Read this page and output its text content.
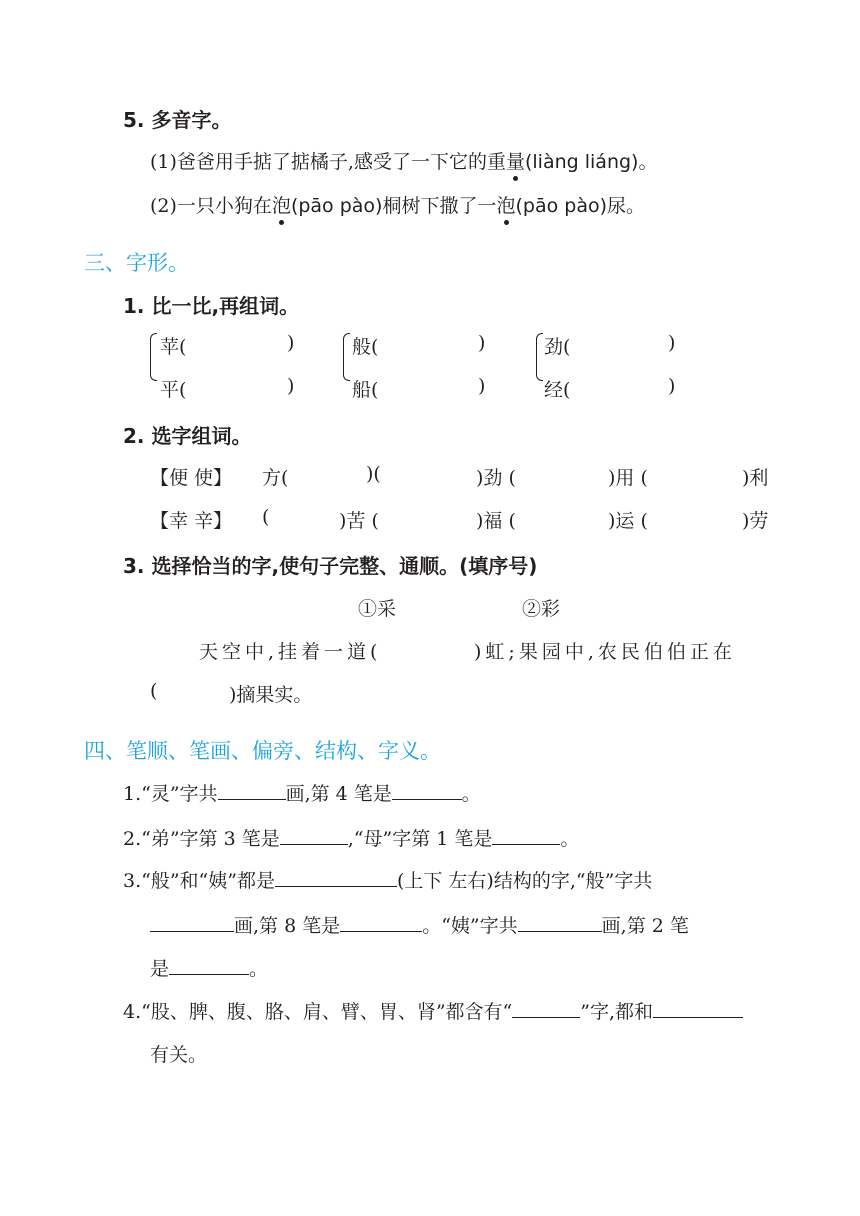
5. 多音字。
(1)爸爸用手掂了掂橘子,感受了一下它的重量(liàng liáng)。
(2)一只小狗在泡(pāo pào)桐树下撒了一泡(pāo pào)尿。
三、字形。
1. 比一比,再组词。
苹(	)
平(	)
般(	)
船(	)
劲(	)
经(	)
2. 选字组词。
【便 使】 方(	)(	)劲 (	)用 (	)利
【幸 辛】 (	)苦 (	)福 (	)运 (	)劳
3. 选择恰当的字,使句子完整、通顺。(填序号)
①采	②彩
天空中,挂着一道(	)虹;果园中,农民伯伯正在
(	)摘果实。
四、笔顺、笔画、偏旁、结构、字义。
1.“灵”字共	画,第 4 笔是	。
2.“弟”字第 3 笔是	,“母”字第 1 笔是	。
3.“般”和“姨”都是	(上下 左右)结构的字,“般”字共
画,第 8 笔是	。“姨”字共	画,第 2 笔
是	。
4.“股、脾、腹、胳、肩、臂、胃、肾”都含有“	”字,都和
有关。
